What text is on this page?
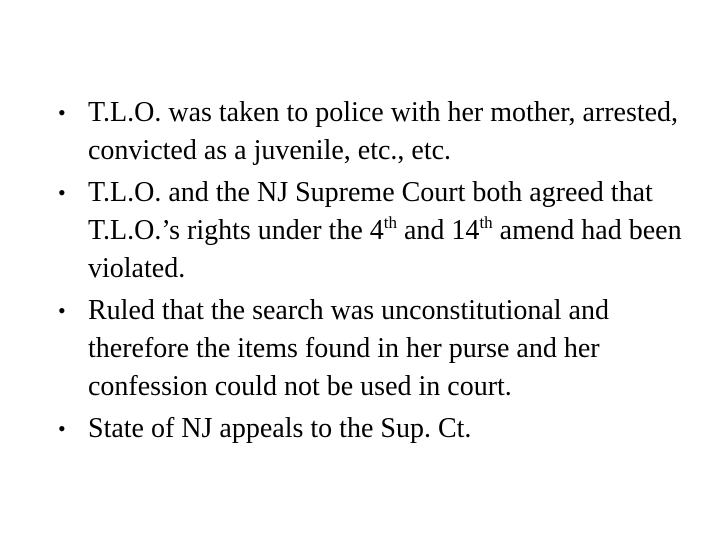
• T.L.O. was taken to police with her mother, arrested, convicted as a juvenile, etc., etc.
• T.L.O. and the NJ Supreme Court both agreed that T.L.O.’s rights under the 4th and 14th amend had been violated.
• Ruled that the search was unconstitutional and therefore the items found in her purse and her confession could not be used in court.
• State of NJ appeals to the Sup. Ct.
